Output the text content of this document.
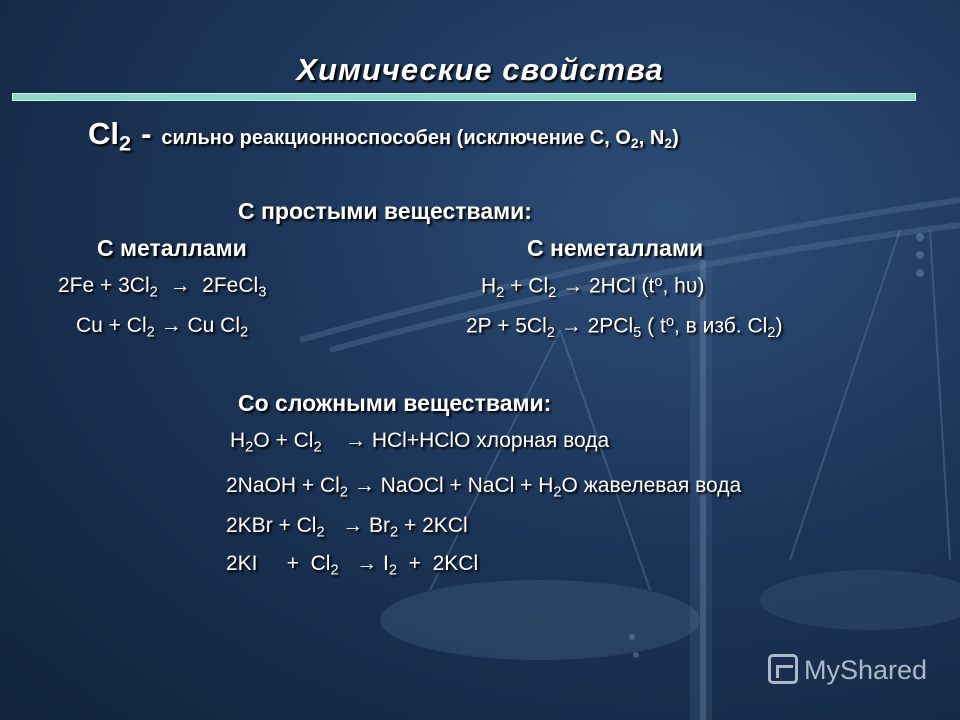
Химические свойства
$Cl_2$ - сильно реакционноспособен (исключение C, $O_2$, $N_2$)
С простыми веществами:
С металлами	С неметаллами
$2Fe + 3Cl_2$ → 2FeCl$_3$
$Cu + Cl_2 \to Cu$ $Cl_2$
$H_2 + Cl_2 \to 2HCl$ ($t^o$, hυ)
$2P + 5Cl_2 \to 2PCl_5$ ( $t^o$, в изб. $Cl_2$)
Со сложными веществами:
$H_2O + Cl_2$ → HCl+HClO хлорная вода
2NaOH + $Cl_2$ → NaOCl + NaCl + $H_2O$ жавелевая вода
$2KBr + Cl_2 \to Br_2 + 2KCl$
2KI     +  $Cl_2 \to I_2 + 2KCl$
MyShared
